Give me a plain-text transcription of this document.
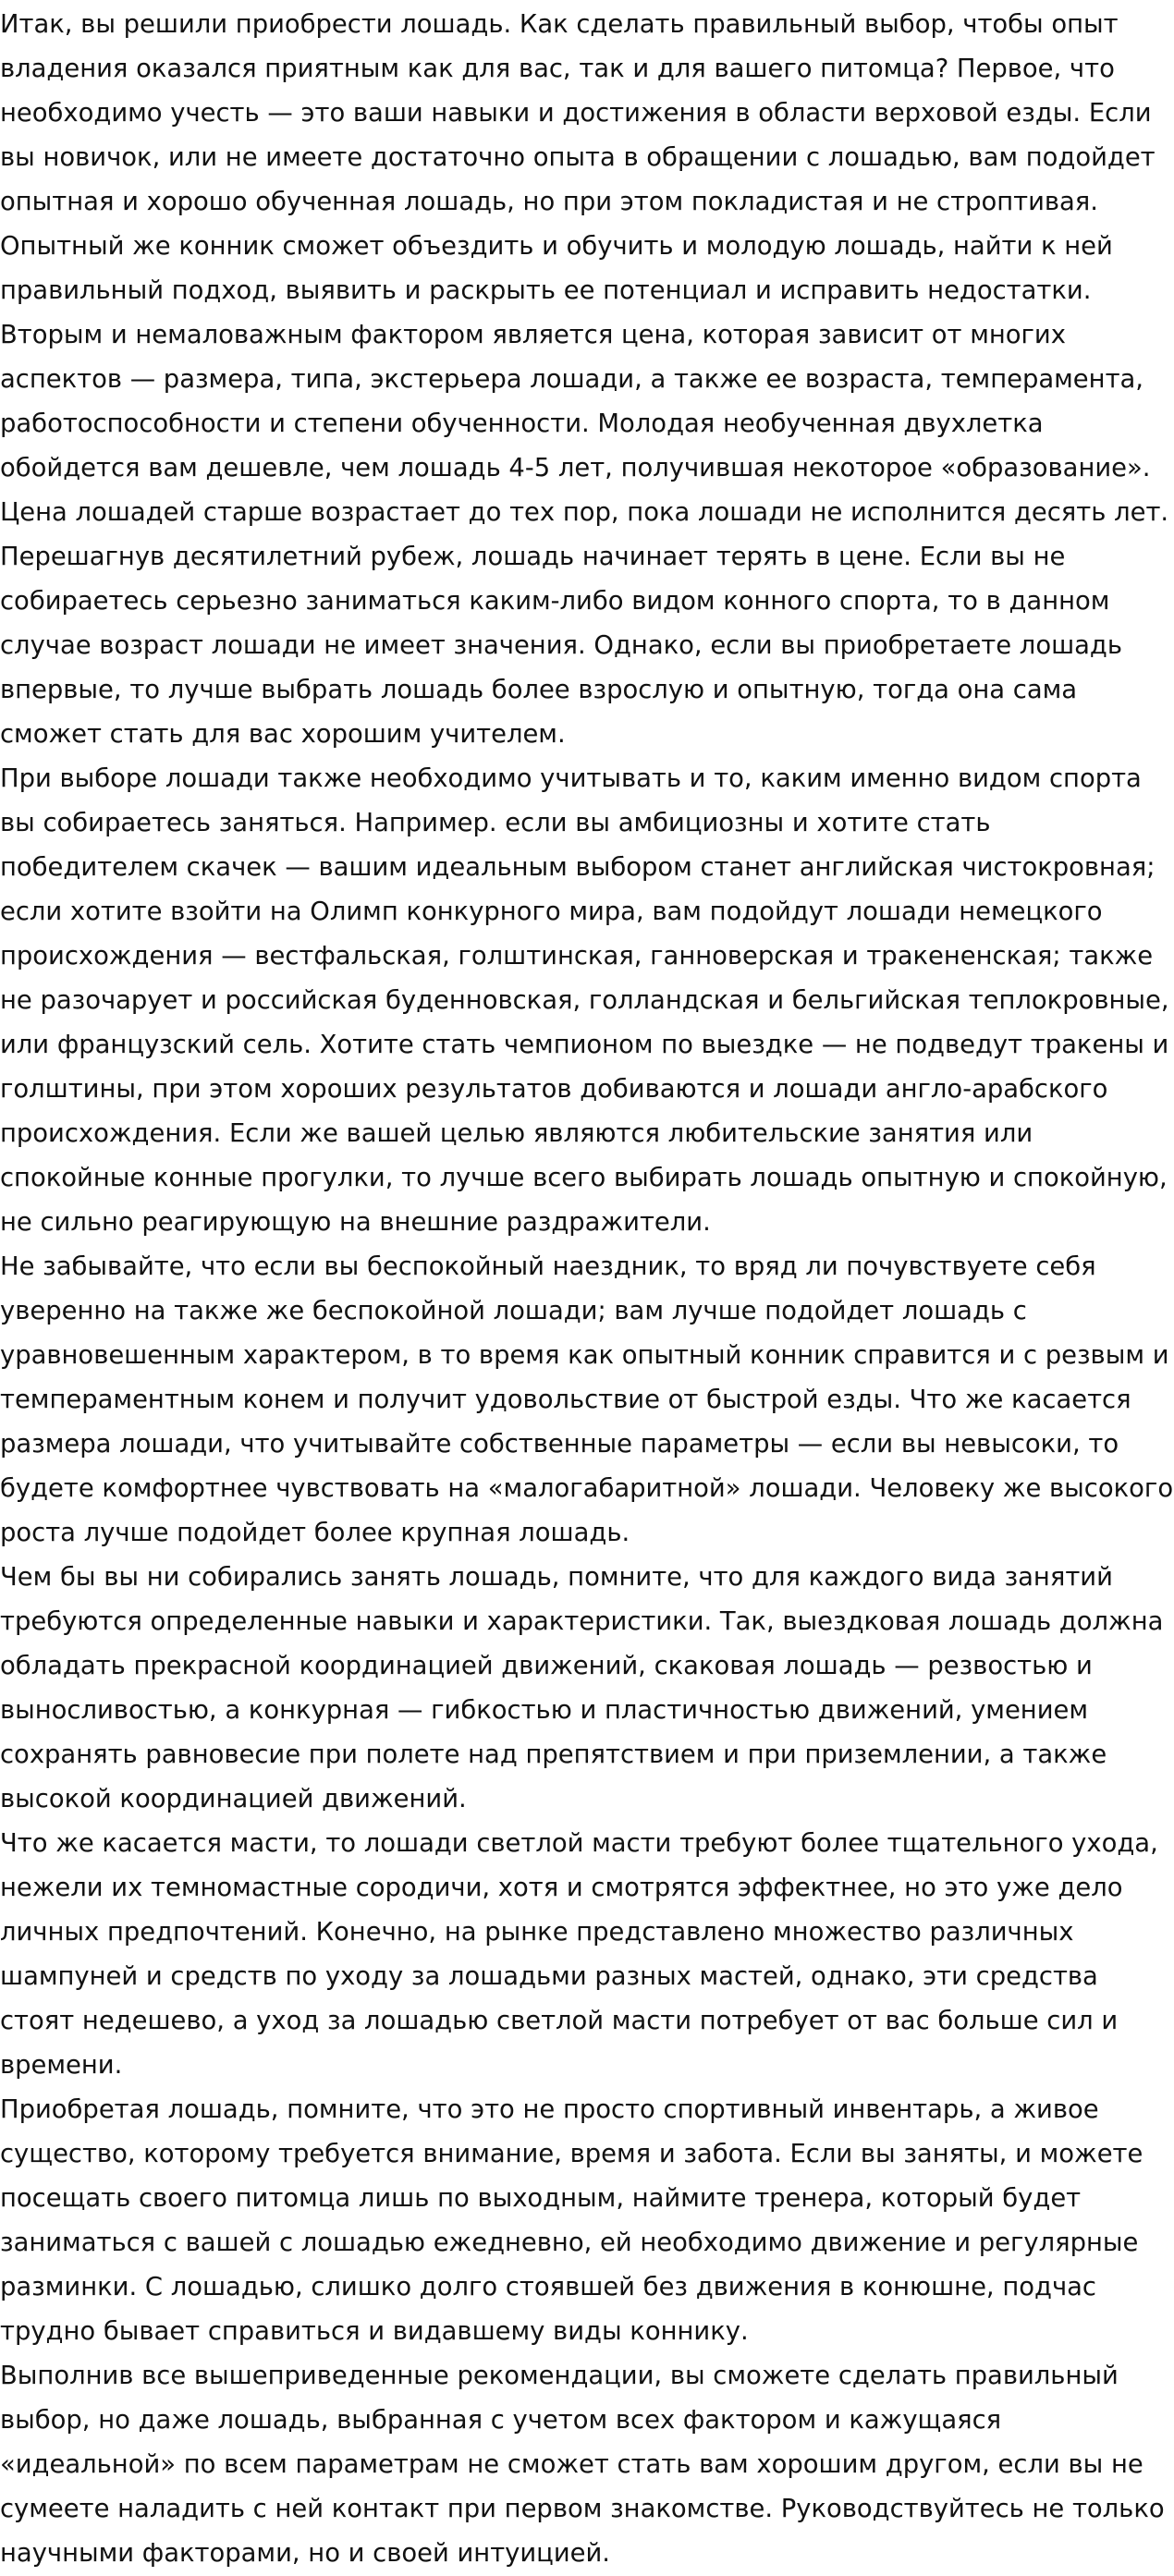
Итак, вы решили приобрести лошадь. Как сделать правильный выбор, чтобы опыт владения оказался приятным как для вас, так и для вашего питомца? Первое, что необходимо учесть — это ваши навыки и достижения в области верховой езды. Если вы новичок, или не имеете достаточно опыта в обращении с лошадью, вам подойдет опытная и хорошо обученная лошадь, но при этом покладистая и не строптивая. Опытный же конник сможет объездить и обучить и молодую лошадь, найти к ней правильный подход, выявить и раскрыть ее потенциал и исправить недостатки. Вторым и немаловажным фактором является цена, которая зависит от многих аспектов — размера, типа, экстерьера лошади, а также ее возраста, темперамента, работоспособности и степени обученности. Молодая необученная двухлетка обойдется вам дешевле, чем лошадь 4-5 лет, получившая некоторое «образование». Цена лошадей старше возрастает до тех пор, пока лошади не исполнится десять лет. Перешагнув десятилетний рубеж, лошадь начинает терять в цене. Если вы не собираетесь серьезно заниматься каким-либо видом конного спорта, то в данном случае возраст лошади не имеет значения. Однако, если вы приобретаете лошадь впервые, то лучше выбрать лошадь более взрослую и опытную, тогда она сама сможет стать для вас хорошим учителем.

При выборе лошади также необходимо учитывать и то, каким именно видом спорта вы собираетесь заняться. Например. если вы амбициозны и хотите стать победителем скачек — вашим идеальным выбором станет английская чистокровная; если хотите взойти на Олимп конкурного мира, вам подойдут лошади немецкого происхождения — вестфальская, голштинская, ганноверская и тракененская; также не разочарует и российская буденновская, голландская и бельгийская теплокровные, или французский сель. Хотите стать чемпионом по выездке — не подведут тракены и голштины, при этом хороших результатов добиваются и лошади англо-арабского происхождения. Если же вашей целью являются любительские занятия или спокойные конные прогулки, то лучше всего выбирать лошадь опытную и спокойную, не сильно реагирующую на внешние раздражители.

Не забывайте, что если вы беспокойный наездник, то вряд ли почувствуете себя уверенно на также же беспокойной лошади; вам лучше подойдет лошадь с уравновешенным характером, в то время как опытный конник справится и с резвым и темпераментным конем и получит удовольствие от быстрой езды. Что же касается размера лошади, что учитывайте собственные параметры — если вы невысоки, то будете комфортнее чувствовать на «малогабаритной» лошади. Человеку же высокого роста лучше подойдет более крупная лошадь.

Чем бы вы ни собирались занять лошадь, помните, что для каждого вида занятий требуются определенные навыки и характеристики. Так, выездковая лошадь должна обладать прекрасной координацией движений, скаковая лошадь — резвостью и выносливостью, а конкурная — гибкостью и пластичностью движений, умением сохранять равновесие при полете над препятствием и при приземлении, а также высокой координацией движений.

Что же касается масти, то лошади светлой масти требуют более тщательного ухода, нежели их темномастные сородичи, хотя и смотрятся эффектнее, но это уже дело личных предпочтений. Конечно, на рынке представлено множество различных шампуней и средств по уходу за лошадьми разных мастей, однако, эти средства стоят недешево, а уход за лошадью светлой масти потребует от вас больше сил и времени.

Приобретая лошадь, помните, что это не просто спортивный инвентарь, а живое существо, которому требуется внимание, время и забота. Если вы заняты, и можете посещать своего питомца лишь по выходным, наймите тренера, который будет заниматься с вашей с лошадью ежедневно, ей необходимо движение и регулярные разминки. С лошадью, слишко долго стоявшей без движения в конюшне, подчас трудно бывает справиться и видавшему виды коннику.

Выполнив все вышеприведенные рекомендации, вы сможете сделать правильный выбор, но даже лошадь, выбранная с учетом всех фактором и кажущаяся «идеальной» по всем параметрам не сможет стать вам хорошим другом, если вы не сумеете наладить с ней контакт при первом знакомстве. Руководствуйтесь не только научными факторами, но и своей интуицией.
